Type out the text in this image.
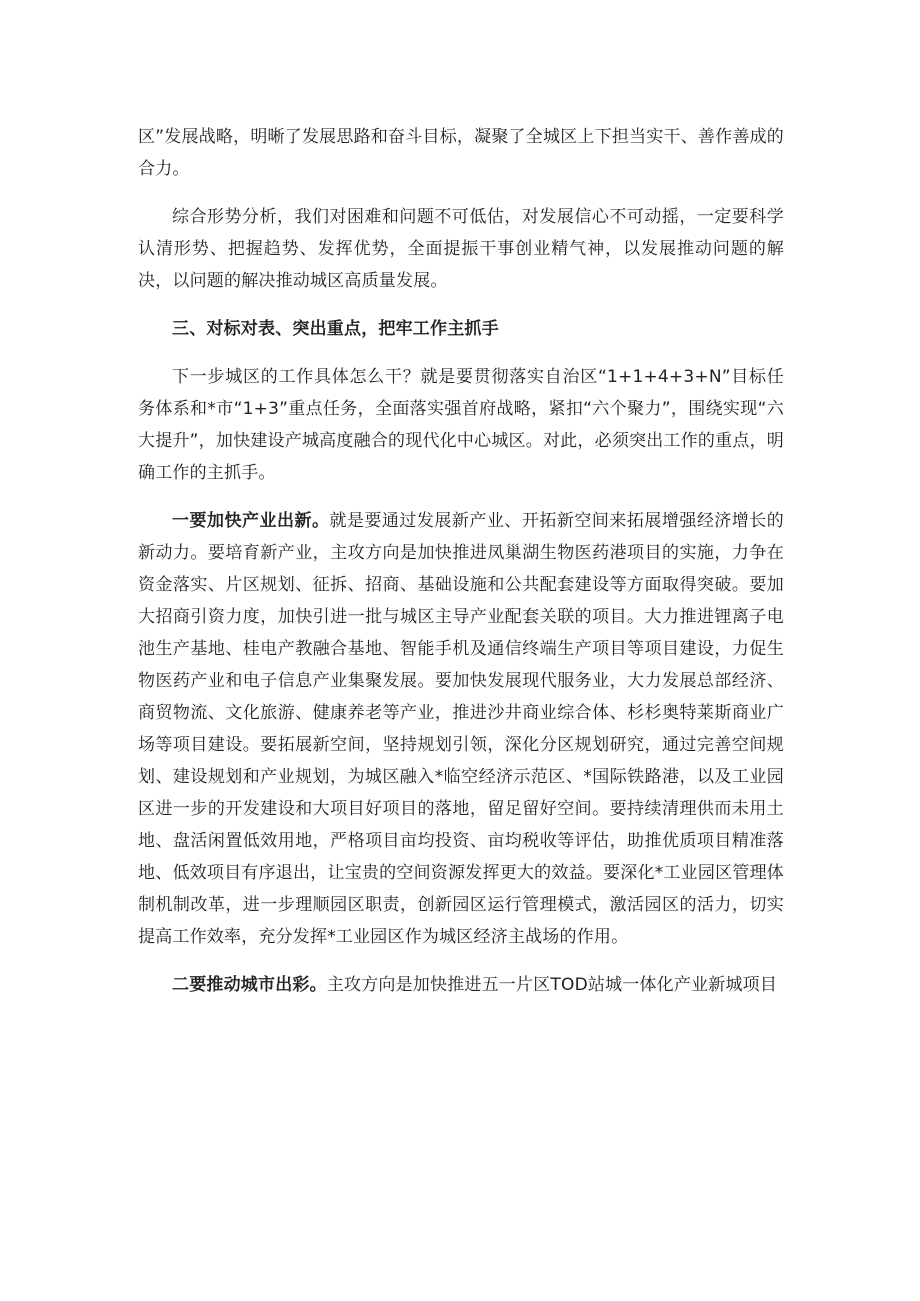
区”发展战略，明晰了发展思路和奋斗目标，凝聚了全城区上下担当实干、善作善成的合力。

综合形势分析，我们对困难和问题不可低估，对发展信心不可动摇，一定要科学认清形势、把握趋势、发挥优势，全面提振干事创业精气神，以发展推动问题的解决，以问题的解决推动城区高质量发展。

三、对标对表、突出重点，把牢工作主抓手

下一步城区的工作具体怎么干？就是要贯彻落实自治区“1+1+4+3+N”目标任务体系和*市“1+3”重点任务，全面落实强首府战略，紧扣“六个聚力”，围绕实现“六大提升”，加快建设产城高度融合的现代化中心城区。对此，必须突出工作的重点，明确工作的主抓手。

一要加快产业出新。就是要通过发展新产业、开拓新空间来拓展增强经济增长的新动力。要培育新产业，主攻方向是加快推进凤巢湖生物医药港项目的实施，力争在资金落实、片区规划、征拆、招商、基础设施和公共配套建设等方面取得突破。要加大招商引资力度，加快引进一批与城区主导产业配套关联的项目。大力推进锂离子电池生产基地、桂电产教融合基地、智能手机及通信终端生产项目等项目建设，力促生物医药产业和电子信息产业集聚发展。要加快发展现代服务业，大力发展总部经济、商贸物流、文化旅游、健康养老等产业，推进沙井商业综合体、杉杉奥特莱斯商业广场等项目建设。要拓展新空间，坚持规划引领，深化分区规划研究，通过完善空间规划、建设规划和产业规划，为城区融入*临空经济示范区、*国际铁路港，以及工业园区进一步的开发建设和大项目好项目的落地，留足留好空间。要持续清理供而未用土地、盘活闲置低效用地，严格项目亩均投资、亩均税收等评估，助推优质项目精准落地、低效项目有序退出，让宝贵的空间资源发挥更大的效益。要深化*工业园区管理体制机制改革，进一步理顺园区职责，创新园区运行管理模式，激活园区的活力，切实提高工作效率，充分发挥*工业园区作为城区经济主战场的作用。

二要推动城市出彩。主攻方向是加快推进五一片区TOD站城一体化产业新城项目
